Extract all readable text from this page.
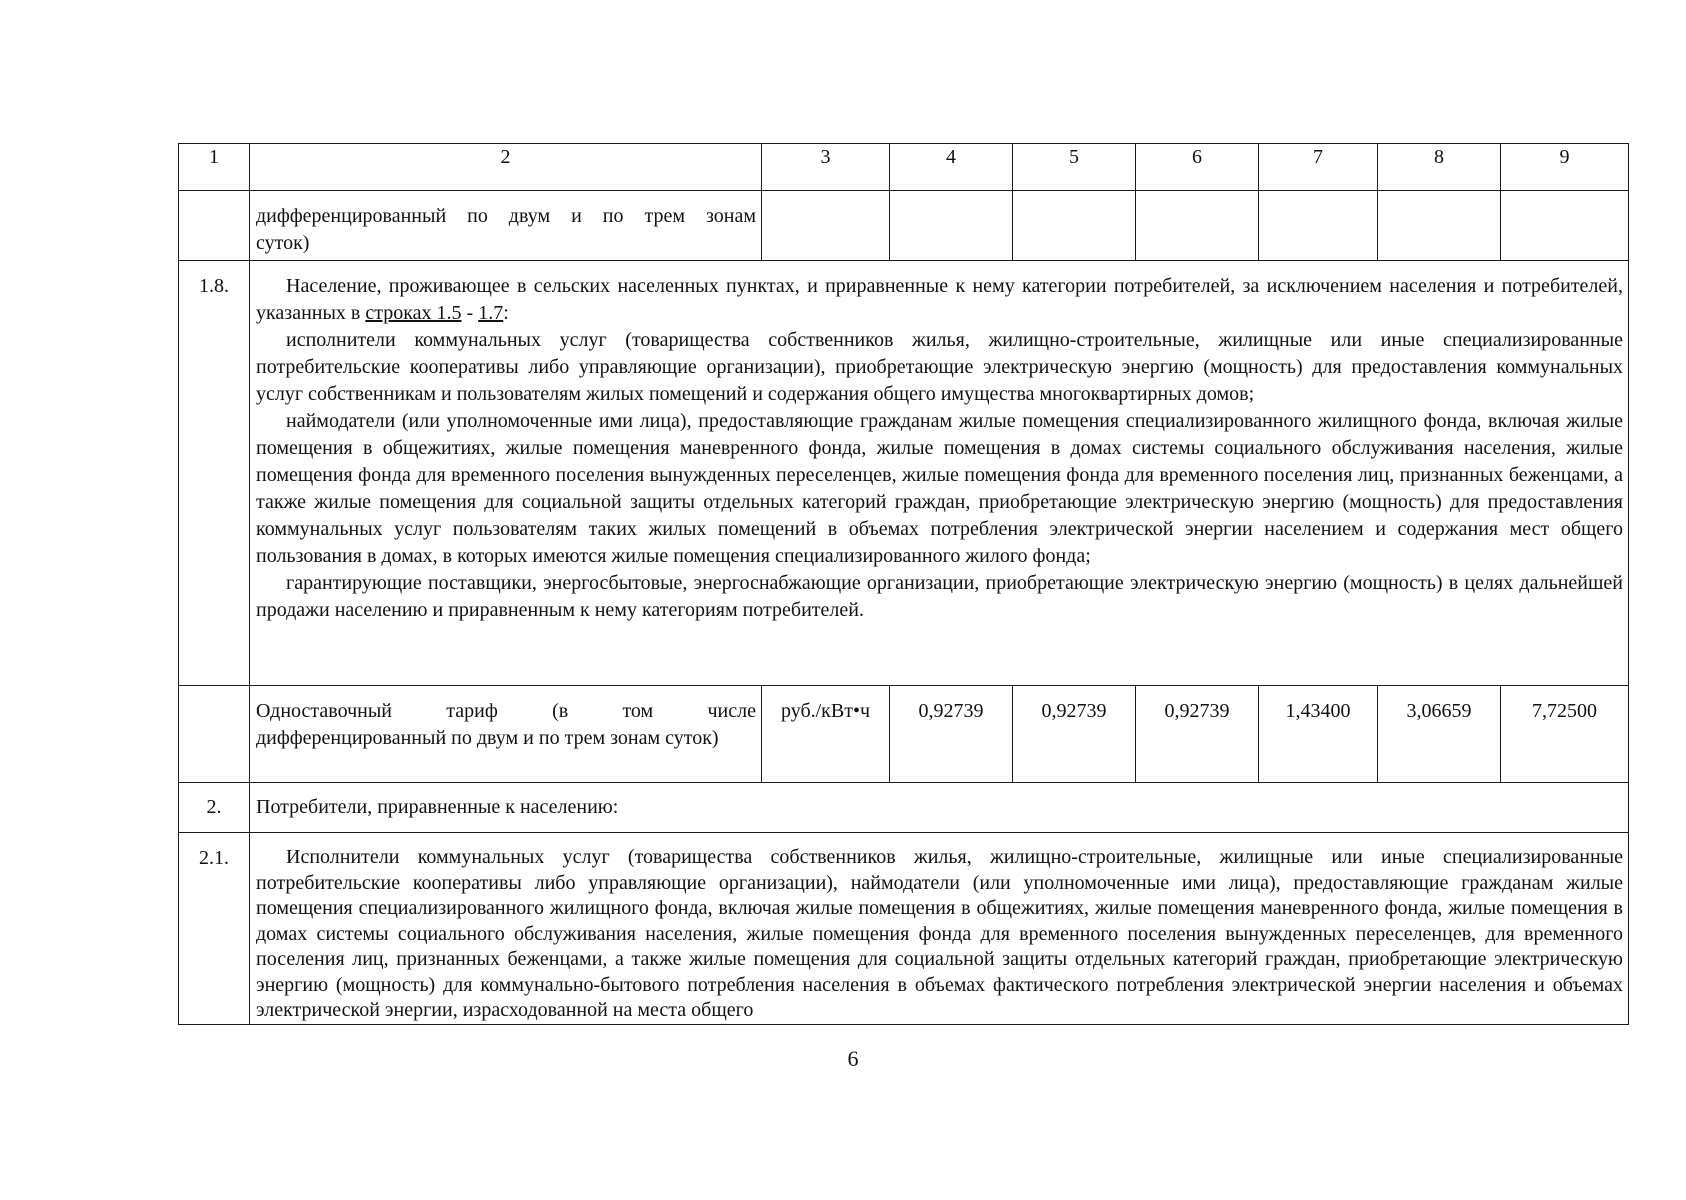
1	2	3	4	5	6	7	8	9

	дифференцированный по двум и по трем зонам
суток)							
1.8.	Население, проживающее в сельских населенных пунктах, и приравненные к нему категории потребителей, за исключением населения и потребителей, указанных в строках 1.5 - 1.7:

исполнители коммунальных услуг (товарищества собственников жилья, жилищно-строительные, жилищные или иные специализированные потребительские кооперативы либо управляющие организации), приобретающие электрическую энергию (мощность) для предоставления коммунальных услуг собственникам и пользователям жилых помещений и содержания общего имущества многоквартирных домов;

наймодатели (или уполномоченные ими лица), предоставляющие гражданам жилые помещения специализированного жилищного фонда, включая жилые помещения в общежитиях, жилые помещения маневренного фонда, жилые помещения в домах системы социального обслуживания населения, жилые помещения фонда для временного поселения вынужденных переселенцев, жилые помещения фонда для временного поселения лиц, признанных беженцами, а также жилые помещения для социальной защиты отдельных категорий граждан, приобретающие электрическую энергию (мощность) для предоставления коммунальных услуг пользователям таких жилых помещений в объемах потребления электрической энергии населением и содержания мест общего пользования в домах, в которых имеются жилые помещения специализированного жилого фонда;

гарантирующие поставщики, энергосбытовые, энергоснабжающие организации, приобретающие электрическую энергию (мощность) в целях дальнейшей продажи населению и приравненным к нему категориям потребителей.							

	Одноставочный тариф (в том числе
дифференцированный по двум и по трем зонам суток)	руб./кВт•ч	0,92739	0,92739	0,92739	1,43400	3,06659	7,72500
2.	Потребители, приравненные к населению:							
2.1.	Исполнители коммунальных услуг (товарищества собственников жилья, жилищно-строительные, жилищные или иные специализированные потребительские кооперативы либо управляющие организации), наймодатели (или уполномоченные ими лица), предоставляющие гражданам жилые помещения специализированного жилищного фонда, включая жилые помещения в общежитиях, жилые помещения маневренного фонда, жилые помещения в домах системы социального обслуживания населения, жилые помещения фонда для временного поселения вынужденных переселенцев, для временного поселения лиц, признанных беженцами, а также жилые помещения для социальной защиты отдельных категорий граждан, приобретающие электрическую энергию (мощность) для коммунально-бытового потребления населения в объемах фактического потребления электрической энергии населения и объемах электрической энергии, израсходованной на места общего							

6
